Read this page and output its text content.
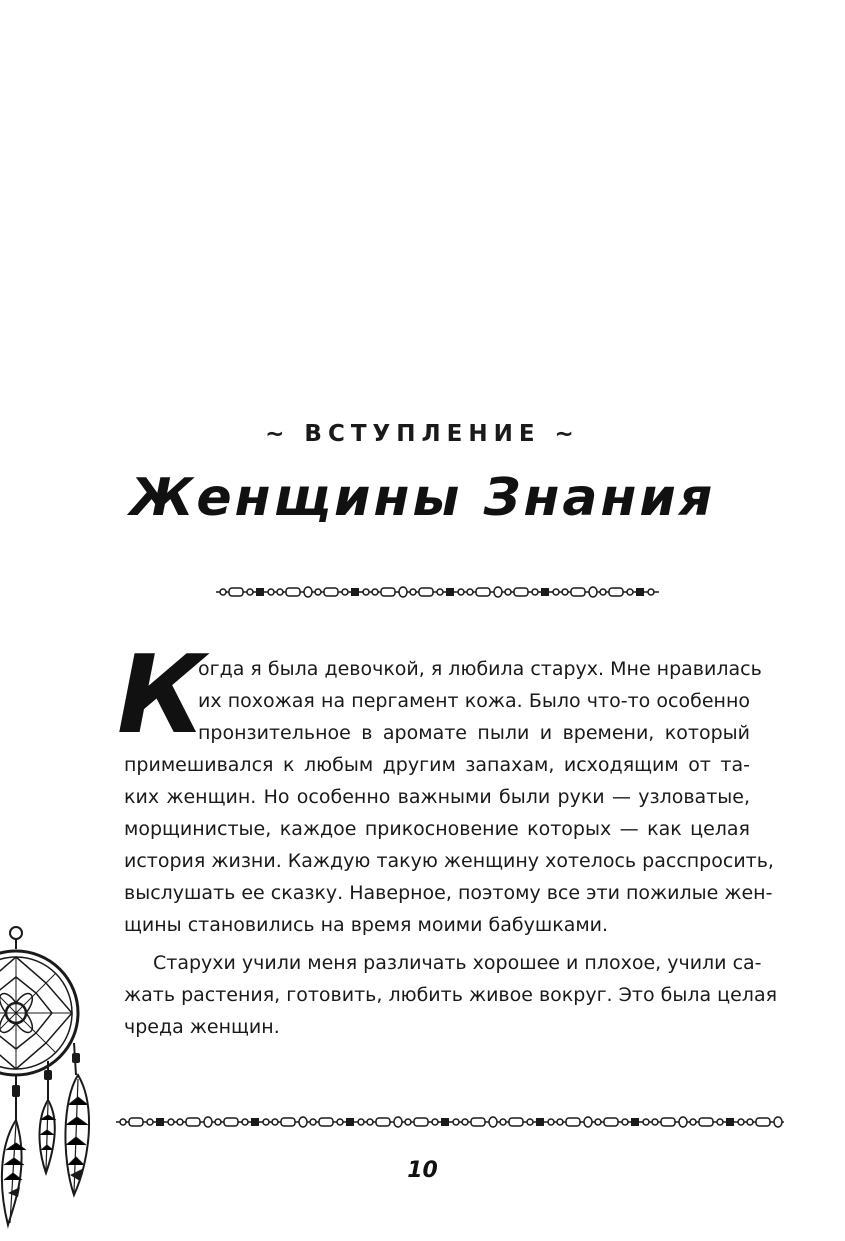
~ ВСТУПЛЕНИЕ ~
Женщины Знания
К
огда я была девочкой, я любила старух. Мне нравилась
их похожая на пергамент кожа. Было что-то особенно
пронзительное в аромате пыли и времени, который
примешивался к любым другим запахам, исходящим от та-
ких женщин. Но особенно важными были руки — узловатые,
морщинистые, каждое прикосновение которых — как целая
история жизни. Каждую такую женщину хотелось расспросить,
выслушать ее сказку. Наверное, поэтому все эти пожилые жен-
щины становились на время моими бабушками.
Старухи учили меня различать хорошее и плохое, учили са-
жать растения, готовить, любить живое вокруг. Это была целая
чреда женщин.
10
